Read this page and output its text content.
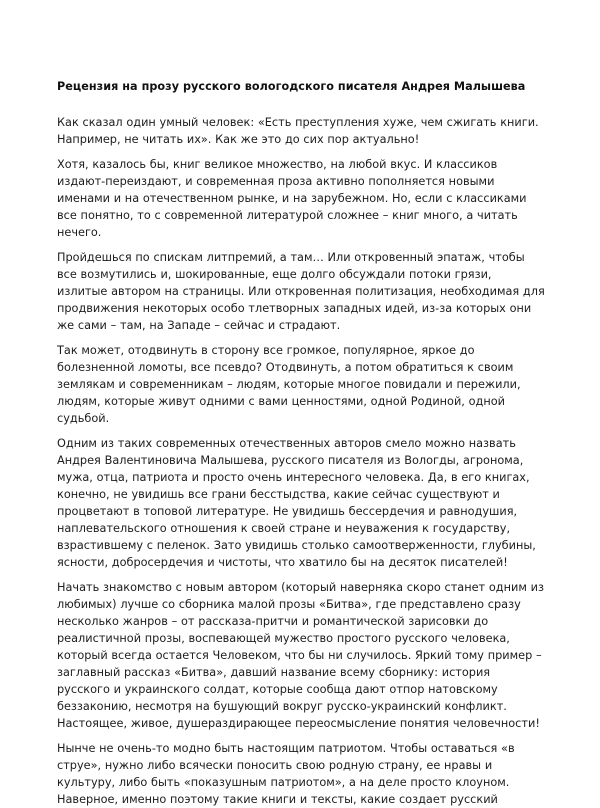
Рецензия на прозу русского вологодского писателя Андрея Малышева

Как сказал один умный человек: «Есть преступления хуже, чем сжигать книги. Например, не читать их». Как же это до сих пор актуально!

Хотя, казалось бы, книг великое множество, на любой вкус. И классиков издают-переиздают, и современная проза активно пополняется новыми именами и на отечественном рынке, и на зарубежном. Но, если с классиками все понятно, то с современной литературой сложнее – книг много, а читать нечего.

Пройдешься по спискам литпремий, а там… Или откровенный эпатаж, чтобы все возмутились и, шокированные, еще долго обсуждали потоки грязи, излитые автором на страницы. Или откровенная политизация, необходимая для продвижения некоторых особо тлетворных западных идей, из-за которых они же сами – там, на Западе – сейчас и страдают.

Так может, отодвинуть в сторону все громкое, популярное, яркое до болезненной ломоты, все псевдо? Отодвинуть, а потом обратиться к своим землякам и современникам – людям, которые многое повидали и пережили, людям, которые живут одними с вами ценностями, одной Родиной, одной судьбой.

Одним из таких современных отечественных авторов смело можно назвать Андрея Валентиновича Малышева, русского писателя из Вологды, агронома, мужа, отца, патриота и просто очень интересного человека. Да, в его книгах, конечно, не увидишь все грани бесстыдства, какие сейчас существуют и процветают в топовой литературе. Не увидишь бессердечия и равнодушия, наплевательского отношения к своей стране и неуважения к государству, взрастившему с пеленок. Зато увидишь столько самоотверженности, глубины, ясности, добросердечия и чистоты, что хватило бы на десяток писателей!

Начать знакомство с новым автором (который наверняка скоро станет одним из любимых) лучше со сборника малой прозы «Битва», где представлено сразу несколько жанров – от рассказа-притчи и романтической зарисовки до реалистичной прозы, воспевающей мужество простого русского человека, который всегда остается Человеком, что бы ни случилось. Яркий тому пример – заглавный рассказ «Битва», давший название всему сборнику: история русского и украинского солдат, которые сообща дают отпор натовскому беззаконию, несмотря на бушующий вокруг русско-украинский конфликт. Настоящее, живое, душераздирающее переосмысление понятия человечности!

Нынче не очень-то модно быть настоящим патриотом. Чтобы оставаться «в струе», нужно либо всячески поносить свою родную страну, ее нравы и культуру, либо быть «показушным патриотом», а на деле просто клоуном. Наверное, именно поэтому такие книги и тексты, какие создает русский
